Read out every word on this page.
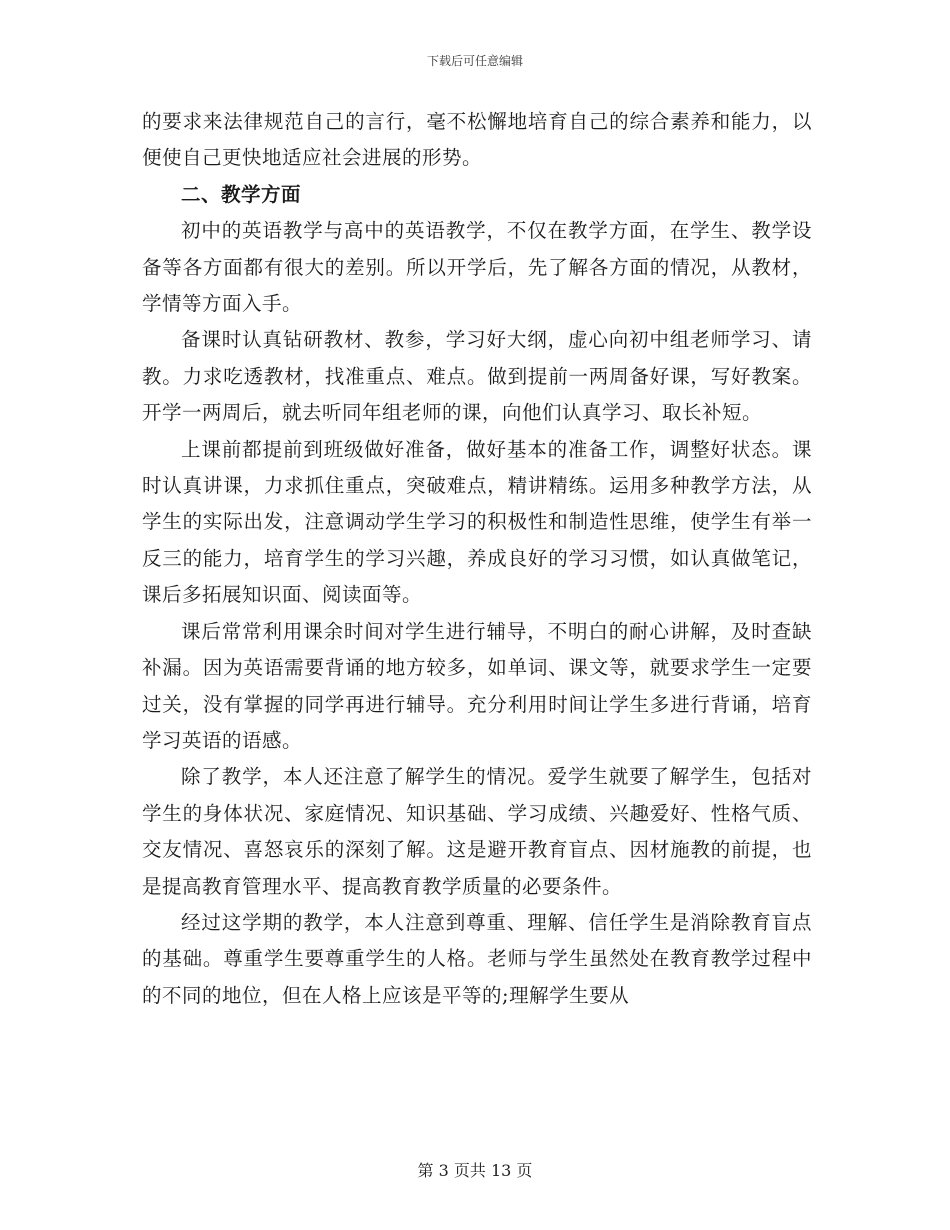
下载后可任意编辑

的要求来法律规范自己的言行，毫不松懈地培育自己的综合素养和能力，以便使自己更快地适应社会进展的形势。

二、教学方面

初中的英语教学与高中的英语教学，不仅在教学方面，在学生、教学设备等各方面都有很大的差别。所以开学后，先了解各方面的情况，从教材，学情等方面入手。

备课时认真钻研教材、教参，学习好大纲，虚心向初中组老师学习、请教。力求吃透教材，找准重点、难点。做到提前一两周备好课，写好教案。开学一两周后，就去听同年组老师的课，向他们认真学习、取长补短。

上课前都提前到班级做好准备，做好基本的准备工作，调整好状态。课时认真讲课，力求抓住重点，突破难点，精讲精练。运用多种教学方法，从学生的实际出发，注意调动学生学习的积极性和制造性思维，使学生有举一反三的能力，培育学生的学习兴趣，养成良好的学习习惯，如认真做笔记，课后多拓展知识面、阅读面等。

课后常常利用课余时间对学生进行辅导，不明白的耐心讲解，及时查缺补漏。因为英语需要背诵的地方较多，如单词、课文等，就要求学生一定要过关，没有掌握的同学再进行辅导。充分利用时间让学生多进行背诵，培育学习英语的语感。

除了教学，本人还注意了解学生的情况。爱学生就要了解学生，包括对学生的身体状况、家庭情况、知识基础、学习成绩、兴趣爱好、性格气质、交友情况、喜怒哀乐的深刻了解。这是避开教育盲点、因材施教的前提，也是提高教育管理水平、提高教育教学质量的必要条件。

经过这学期的教学，本人注意到尊重、理解、信任学生是消除教育盲点的基础。尊重学生要尊重学生的人格。老师与学生虽然处在教育教学过程中的不同的地位，但在人格上应该是平等的;理解学生要从

第 3 页共 13 页
